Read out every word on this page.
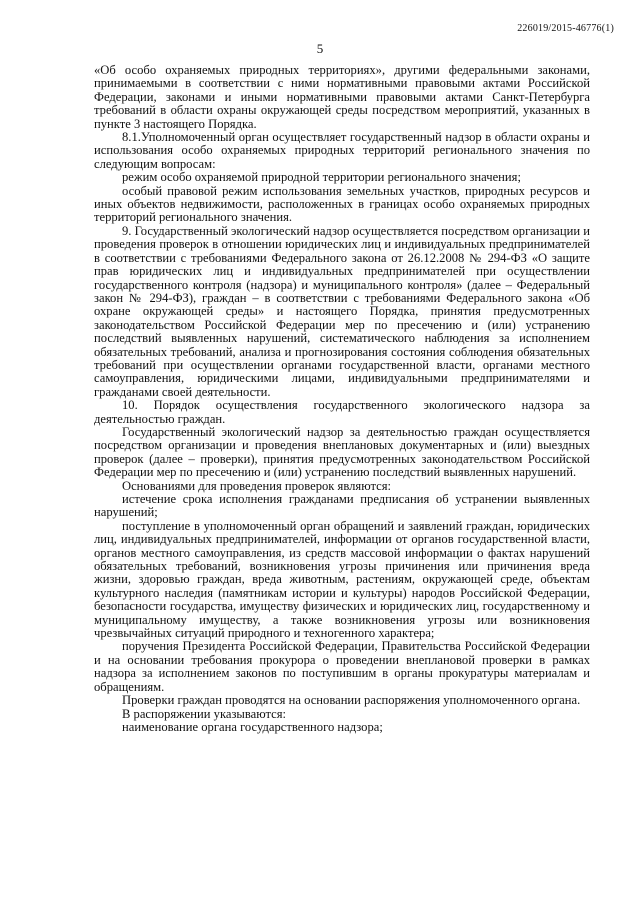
226019/2015-46776(1)
5

«Об особо охраняемых природных территориях», другими федеральными законами, принимаемыми в соответствии с ними нормативными правовыми актами Российской Федерации, законами и иными нормативными правовыми актами Санкт-Петербурга требований в области охраны окружающей среды посредством мероприятий, указанных в пункте 3 настоящего Порядка.

8.1.Уполномоченный орган осуществляет государственный надзор в области охраны и использования особо охраняемых природных территорий регионального значения по следующим вопросам:

режим особо охраняемой природной территории регионального значения;

особый правовой режим использования земельных участков, природных ресурсов и иных объектов недвижимости, расположенных в границах особо охраняемых природных территорий регионального значения.

9. Государственный экологический надзор осуществляется посредством организации и проведения проверок в отношении юридических лиц и индивидуальных предпринимателей в соответствии с требованиями Федерального закона от 26.12.2008 № 294-ФЗ «О защите прав юридических лиц и индивидуальных предпринимателей при осуществлении государственного контроля (надзора) и муниципального контроля» (далее – Федеральный закон № 294-ФЗ), граждан – в соответствии с требованиями Федерального закона «Об охране окружающей среды» и настоящего Порядка, принятия предусмотренных законодательством Российской Федерации мер по пресечению и (или) устранению последствий выявленных нарушений, систематического наблюдения за исполнением обязательных требований, анализа и прогнозирования состояния соблюдения обязательных требований при осуществлении органами государственной власти, органами местного самоуправления, юридическими лицами, индивидуальными предпринимателями и гражданами своей деятельности.

10. Порядок осуществления государственного экологического надзора за деятельностью граждан.

Государственный экологический надзор за деятельностью граждан осуществляется посредством организации и проведения внеплановых документарных и (или) выездных проверок (далее – проверки), принятия предусмотренных законодательством Российской Федерации мер по пресечению и (или) устранению последствий выявленных нарушений.

Основаниями для проведения проверок являются:

истечение срока исполнения гражданами предписания об устранении выявленных нарушений;

поступление в уполномоченный орган обращений и заявлений граждан, юридических лиц, индивидуальных предпринимателей, информации от органов государственной власти, органов местного самоуправления, из средств массовой информации о фактах нарушений обязательных требований, возникновения угрозы причинения или причинения вреда жизни, здоровью граждан, вреда животным, растениям, окружающей среде, объектам культурного наследия (памятникам истории и культуры) народов Российской Федерации, безопасности государства, имуществу физических и юридических лиц, государственному и муниципальному имуществу, а также возникновения угрозы или возникновения чрезвычайных ситуаций природного и техногенного характера;

поручения Президента Российской Федерации, Правительства Российской Федерации и на основании требования прокурора о проведении внеплановой проверки в рамках надзора за исполнением законов по поступившим в органы прокуратуры материалам и обращениям.

Проверки граждан проводятся на основании распоряжения уполномоченного органа.

В распоряжении указываются:

наименование органа государственного надзора;
